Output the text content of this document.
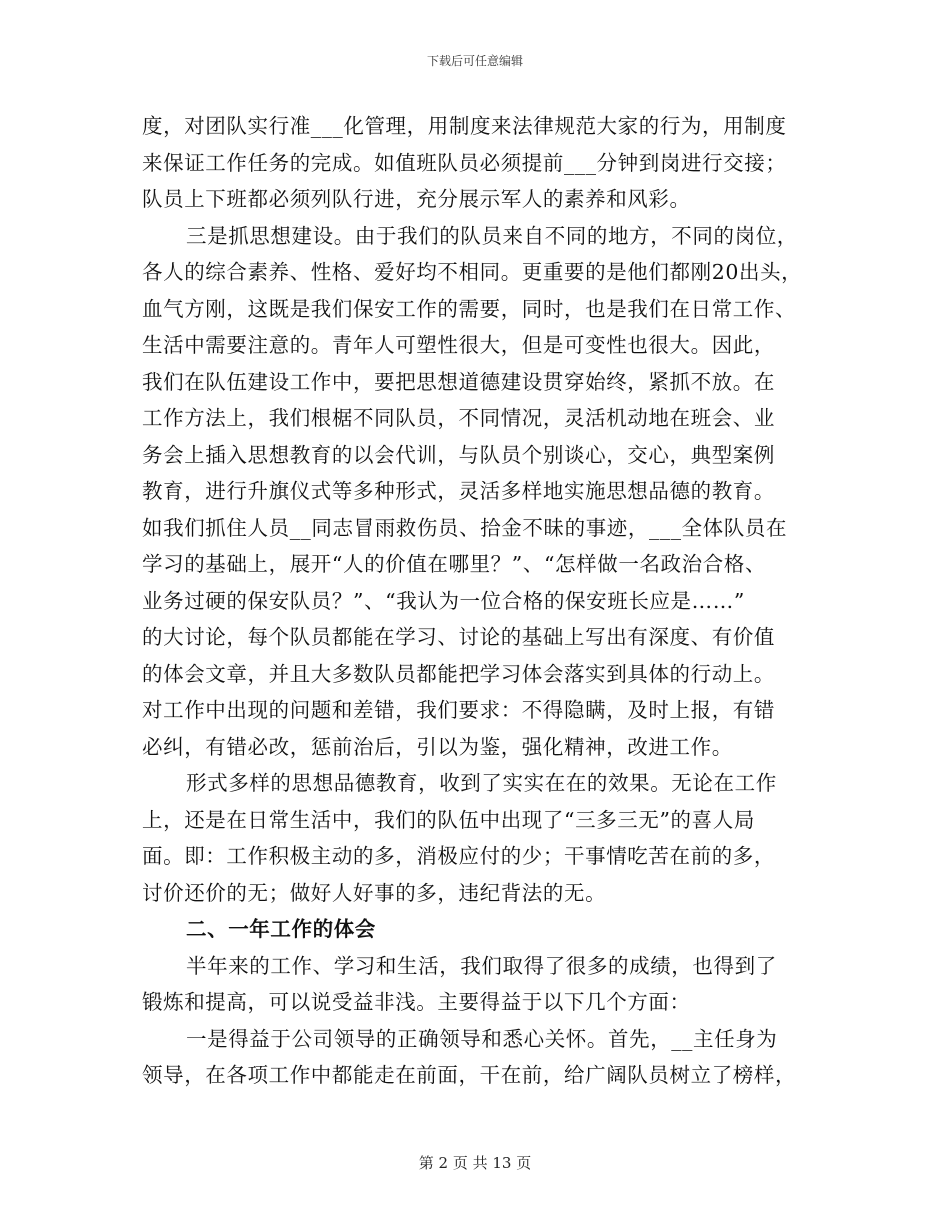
下载后可任意编辑
度，对团队实行准___化管理，用制度来法律规范大家的行为，用制度
来保证工作任务的完成。如值班队员必须提前___分钟到岗进行交接；
队员上下班都必须列队行进，充分展示军人的素养和风彩。
三是抓思想建设。由于我们的队员来自不同的地方，不同的岗位，
各人的综合素养、性格、爱好均不相同。更重要的是他们都刚20出头，
血气方刚，这既是我们保安工作的需要，同时，也是我们在日常工作、
生活中需要注意的。青年人可塑性很大，但是可变性也很大。因此，
我们在队伍建设工作中，要把思想道德建设贯穿始终，紧抓不放。在
工作方法上，我们根椐不同队员，不同情况，灵活机动地在班会、业
务会上插入思想教育的以会代训，与队员个别谈心，交心，典型案例
教育，进行升旗仪式等多种形式，灵活多样地实施思想品德的教育。
如我们抓住人员__同志冒雨救伤员、拾金不昧的事迹，___全体队员在
学习的基础上，展开“人的价值在哪里？”、“怎样做一名政治合格、
业务过硬的保安队员？”、“我认为一位合格的保安班长应是……”
的大讨论，每个队员都能在学习、讨论的基础上写出有深度、有价值
的体会文章，并且大多数队员都能把学习体会落实到具体的行动上。
对工作中出现的问题和差错，我们要求：不得隐瞒，及时上报，有错
必纠，有错必改，惩前治后，引以为鉴，强化精神，改进工作。
形式多样的思想品德教育，收到了实实在在的效果。无论在工作
上，还是在日常生活中，我们的队伍中出现了“三多三无”的喜人局
面。即：工作积极主动的多，消极应付的少；干事情吃苦在前的多，
讨价还价的无；做好人好事的多，违纪背法的无。
二、一年工作的体会
半年来的工作、学习和生活，我们取得了很多的成绩，也得到了
锻炼和提高，可以说受益非浅。主要得益于以下几个方面：
一是得益于公司领导的正确领导和悉心关怀。首先，__主任身为
领导，在各项工作中都能走在前面，干在前，给广阔队员树立了榜样，
第 2 页 共 13 页
